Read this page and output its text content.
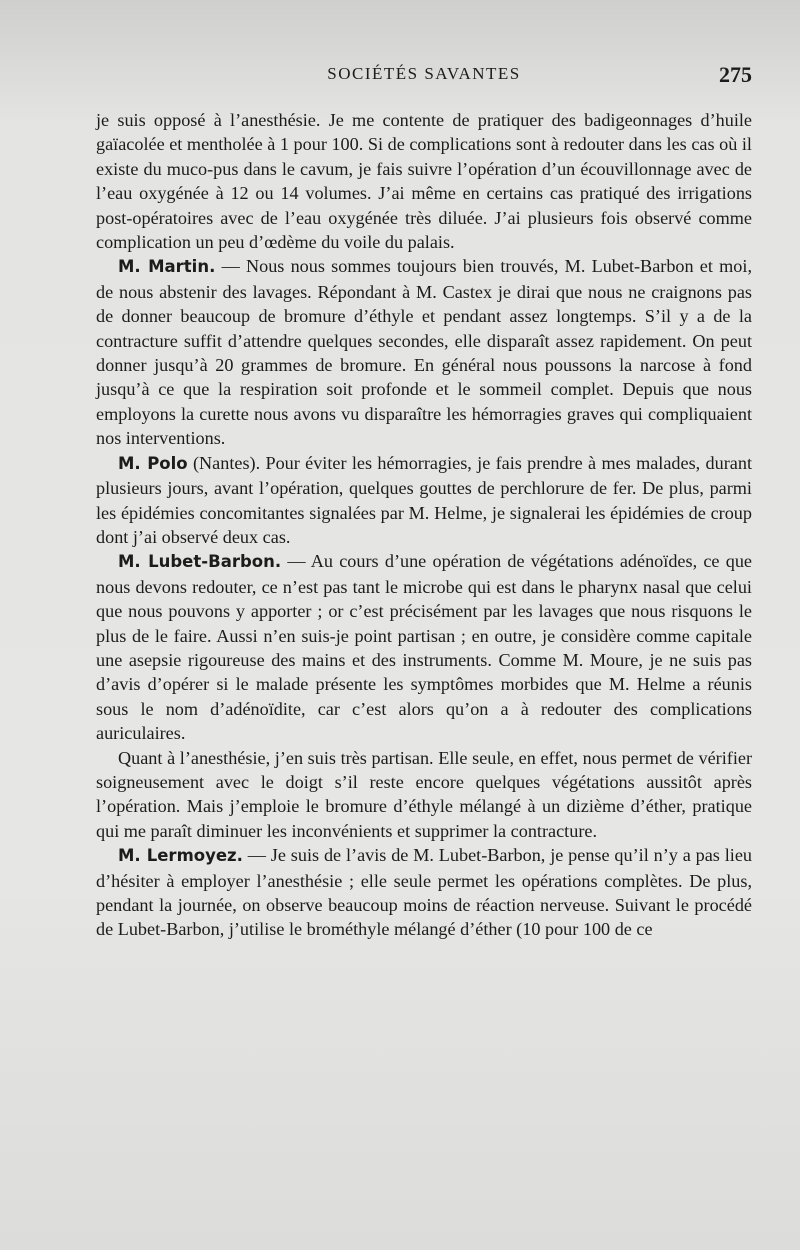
SOCIÉTÉS SAVANTES	275

je suis opposé à l’anesthésie. Je me contente de pratiquer des badigeonnages d’huile gaïacolée et mentholée à 1 pour 100. Si de complications sont à redouter dans les cas où il existe du muco-pus dans le cavum, je fais suivre l’opération d’un écouvillonnage avec de l’eau oxygénée à 12 ou 14 volumes. J’ai même en certains cas pratiqué des irrigations post-opératoires avec de l’eau oxygénée très diluée. J’ai plusieurs fois observé comme complication un peu d’œdème du voile du palais.

M. Martin. — Nous nous sommes toujours bien trouvés, M. Lubet-Barbon et moi, de nous abstenir des lavages. Répondant à M. Castex je dirai que nous ne craignons pas de donner beaucoup de bromure d’éthyle et pendant assez longtemps. S’il y a de la contracture suffit d’attendre quelques secondes, elle disparaît assez rapidement. On peut donner jusqu’à 20 grammes de bromure. En général nous poussons la narcose à fond jusqu’à ce que la respiration soit profonde et le sommeil complet. Depuis que nous employons la curette nous avons vu disparaître les hémorragies graves qui compliquaient nos interventions.

M. Polo (Nantes). Pour éviter les hémorragies, je fais prendre à mes malades, durant plusieurs jours, avant l’opération, quelques gouttes de perchlorure de fer. De plus, parmi les épidémies concomitantes signalées par M. Helme, je signalerai les épidémies de croup dont j’ai observé deux cas.

M. Lubet-Barbon. — Au cours d’une opération de végétations adénoïdes, ce que nous devons redouter, ce n’est pas tant le microbe qui est dans le pharynx nasal que celui que nous pouvons y apporter ; or c’est précisément par les lavages que nous risquons le plus de le faire. Aussi n’en suis-je point partisan ; en outre, je considère comme capitale une asepsie rigoureuse des mains et des instruments. Comme M. Moure, je ne suis pas d’avis d’opérer si le malade présente les symptômes morbides que M. Helme a réunis sous le nom d’adénoïdite, car c’est alors qu’on a à redouter des complications auriculaires.

Quant à l’anesthésie, j’en suis très partisan. Elle seule, en effet, nous permet de vérifier soigneusement avec le doigt s’il reste encore quelques végétations aussitôt après l’opération. Mais j’emploie le bromure d’éthyle mélangé à un dizième d’éther, pratique qui me paraît diminuer les inconvénients et supprimer la contracture.

M. Lermoyez. — Je suis de l’avis de M. Lubet-Barbon, je pense qu’il n’y a pas lieu d’hésiter à employer l’anesthésie ; elle seule permet les opérations complètes. De plus, pendant la journée, on observe beaucoup moins de réaction nerveuse. Suivant le procédé de Lubet-Barbon, j’utilise le brométhyle mélangé d’éther (10 pour 100 de ce
